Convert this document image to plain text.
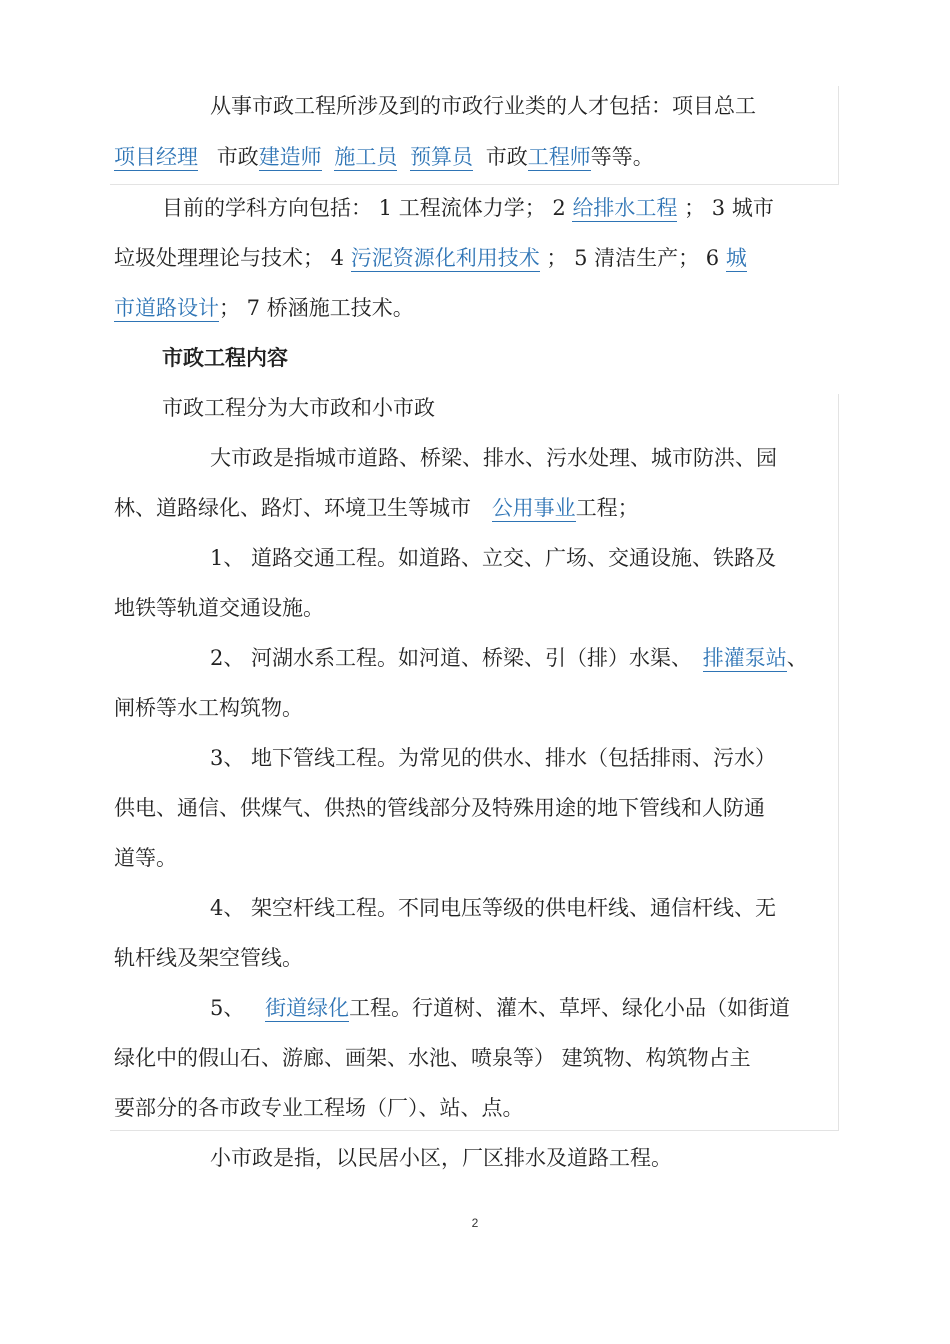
从事市政工程所涉及到的市政行业类的人才包括：项目总工
项目经理 市政建造师 施工员 预算员 市政工程师等等。
目前的学科方向包括： 1 工程流体力学； 2 给排水工程 ； 3 城市
垃圾处理理论与技术； 4 污泥资源化利用技术 ； 5 清洁生产； 6 城
市道路设计； 7 桥涵施工技术。
市政工程内容
市政工程分为大市政和小市政
大市政是指城市道路、桥梁、排水、污水处理、城市防洪、园
林、道路绿化、路灯、环境卫生等城市 公用事业工程；
1、 道路交通工程。如道路、立交、广场、交通设施、铁路及
地铁等轨道交通设施。
2、 河湖水系工程。如河道、桥梁、引（排）水渠、 排灌泵站、
闸桥等水工构筑物。
3、 地下管线工程。为常见的供水、排水（包括排雨、污水）
供电、通信、供煤气、供热的管线部分及特殊用途的地下管线和人防通
道等。
4、 架空杆线工程。不同电压等级的供电杆线、通信杆线、无
轨杆线及架空管线。
5、 街道绿化工程。行道树、灌木、草坪、绿化小品（如街道
绿化中的假山石、游廊、画架、水池、喷泉等） 建筑物、构筑物占主
要部分的各市政专业工程场（厂）、站、点。
小市政是指，以民居小区，厂区排水及道路工程。
2
